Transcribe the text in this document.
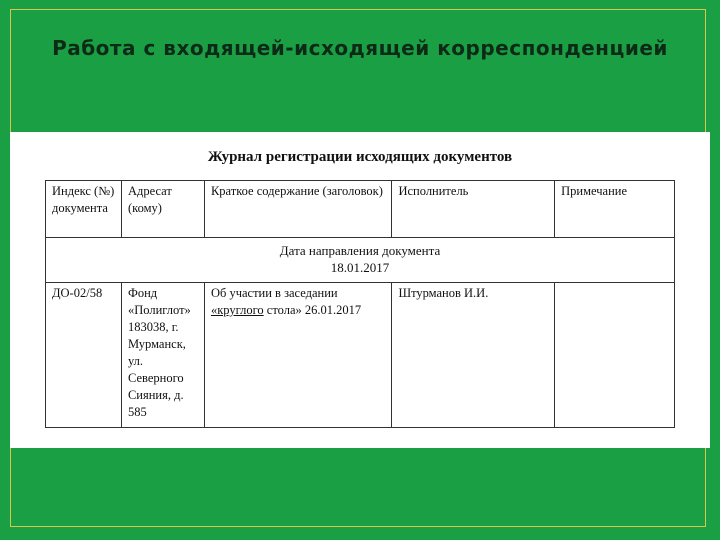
Работа с входящей-исходящей корреспонденцией
Журнал регистрации исходящих документов
Индекс (№) документа	Адресат (кому)	Краткое содержание (заголовок)	Исполнитель	Примечание

Дата направления документа
18.01.2017				

ДО-02/58	Фонд «Полиглот» 183038, г. Мурманск, ул. Северного Сияния, д. 585	Об участии в заседании «круглого стола» 26.01.2017	Штурманов И.И.	
